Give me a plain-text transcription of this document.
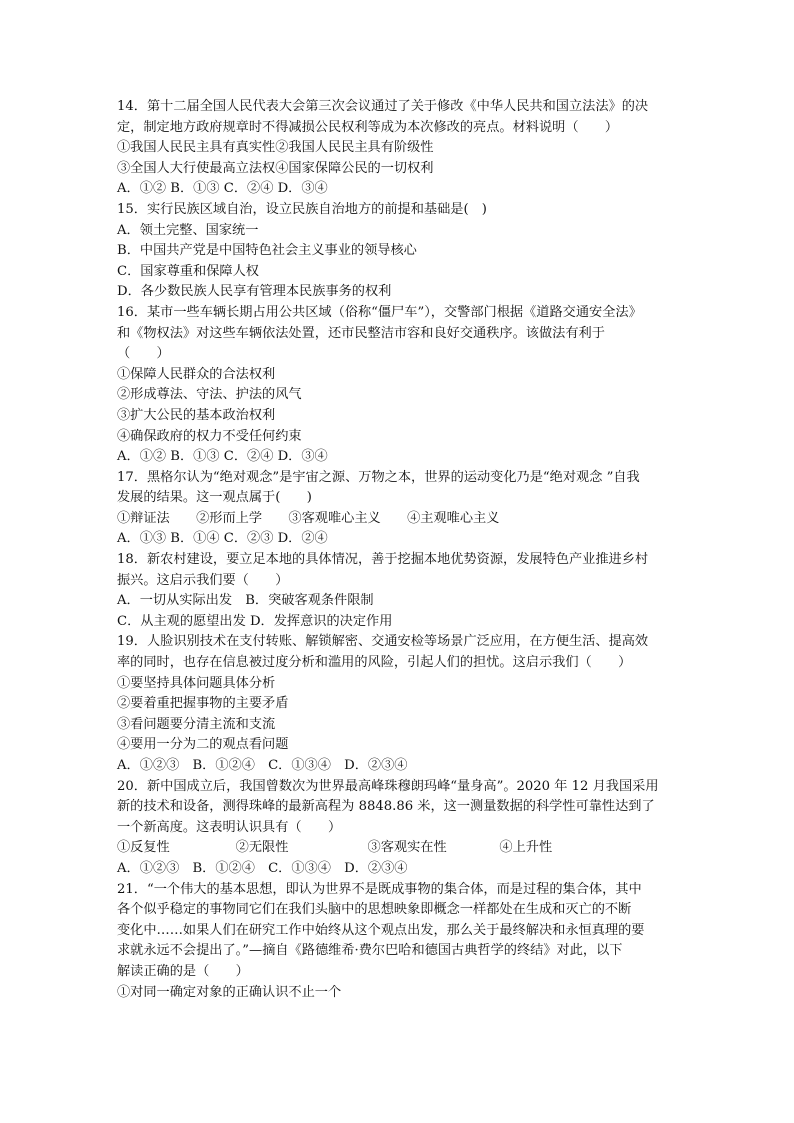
14．第十二届全国人民代表大会第三次会议通过了关于修改《中华人民共和国立法法》的决
定，制定地方政府规章时不得减损公民权利等成为本次修改的亮点。材料说明（　　）
①我国人民民主具有真实性②我国人民民主具有阶级性
③全国人大行使最高立法权④国家保障公民的一切权利
A．①② B．①③ C．②④ D．③④
15．实行民族区域自治，设立民族自治地方的前提和基础是(　)
A．领土完整、国家统一
B．中国共产党是中国特色社会主义事业的领导核心
C．国家尊重和保障人权
D．各少数民族人民享有管理本民族事务的权利
16．某市一些车辆长期占用公共区域（俗称“僵尸车”），交警部门根据《道路交通安全法》
和《物权法》对这些车辆依法处置，还市民整洁市容和良好交通秩序。该做法有利于
（　　）
①保障人民群众的合法权利
②形成尊法、守法、护法的风气
③扩大公民的基本政治权利
④确保政府的权力不受任何约束
A．①② B．①③ C．②④ D．③④
17．黑格尔认为“绝对观念”是宇宙之源、万物之本，世界的运动变化乃是“绝对观念 ”自我
发展的结果。这一观点属于(　　)
①辩证法　　②形而上学　　③客观唯心主义　　④主观唯心主义
A．①③ B．①④ C．②③ D．②④
18．新农村建设，要立足本地的具体情况，善于挖掘本地优势资源，发展特色产业推进乡村
振兴。这启示我们要（　　）
A．一切从实际出发　B．突破客观条件限制
C．从主观的愿望出发 D．发挥意识的决定作用
19．人脸识别技术在支付转账、解锁解密、交通安检等场景广泛应用，在方便生活、提高效
率的同时，也存在信息被过度分析和滥用的风险，引起人们的担忧。这启示我们（　　）
①要坚持具体问题具体分析
②要着重把握事物的主要矛盾
③看问题要分清主流和支流
④要用一分为二的观点看问题
A．①②③　B．①②④　C．①③④　D．②③④
20．新中国成立后，我国曾数次为世界最高峰珠穆朗玛峰“量身高”。2020 年 12 月我国采用
新的技术和设备，测得珠峰的最新高程为 8848.86 米，这一测量数据的科学性可靠性达到了
一个新高度。这表明认识具有（　　）
①反复性　　　　　②无限性　　　　　　③客观实在性　　　　④上升性
A．①②③　B．①②④　C．①③④　D．②③④
21．“一个伟大的基本思想，即认为世界不是既成事物的集合体，而是过程的集合体，其中
各个似乎稳定的事物同它们在我们头脑中的思想映象即概念一样都处在生成和灭亡的不断
变化中……如果人们在研究工作中始终从这个观点出发，那么关于最终解决和永恒真理的要
求就永远不会提出了。”—摘自《路德维希·费尔巴哈和德国古典哲学的终结》对此，以下
解读正确的是（　　）
①对同一确定对象的正确认识不止一个
